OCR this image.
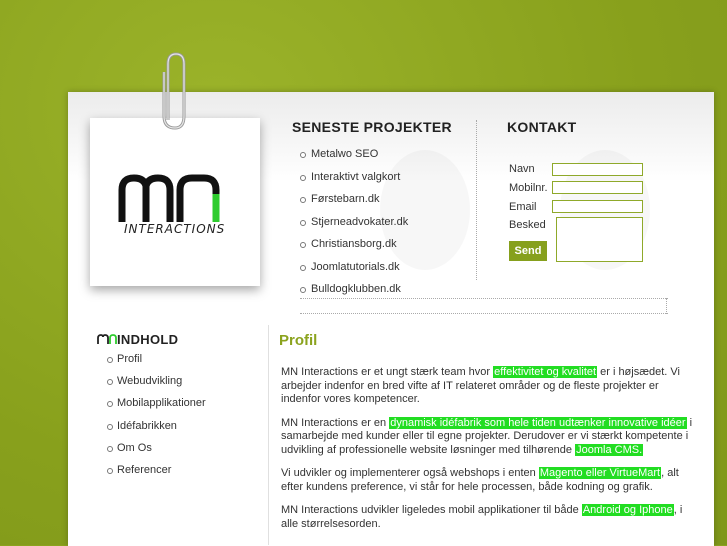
INTERACTIONS
SENESTE PROJEKTER
Metalwo SEO
Interaktivt valgkort
Førstebarn.dk
Stjerneadvokater.dk
Christiansborg.dk
Joomlatutorials.dk
Bulldogklubben.dk
KONTAKT
Navn
Mobilnr.
Email
Besked
Send
INDHOLD
Profil
Webudvikling
Mobilapplikationer
Idéfabrikken
Om Os
Referencer
Profil

MN Interactions er et ungt stærk team hvor effektivitet og kvalitet er i højsædet. Vi arbejder indenfor en bred vifte af IT relateret områder og de fleste projekter er indenfor vores kompetencer.

MN Interactions er en dynamisk idéfabrik som hele tiden udtænker innovative idéer i samarbejde med kunder eller til egne projekter. Derudover er vi stærkt kompetente i udvikling af professionelle website løsninger med tilhørende Joomla CMS.

Vi udvikler og implementerer også webshops i enten Magento eller VirtueMart, alt efter kundens preference, vi står for hele processen, både kodning og grafik.

MN Interactions udvikler ligeledes mobil applikationer til både Android og Iphone, i alle størrelsesorden.
